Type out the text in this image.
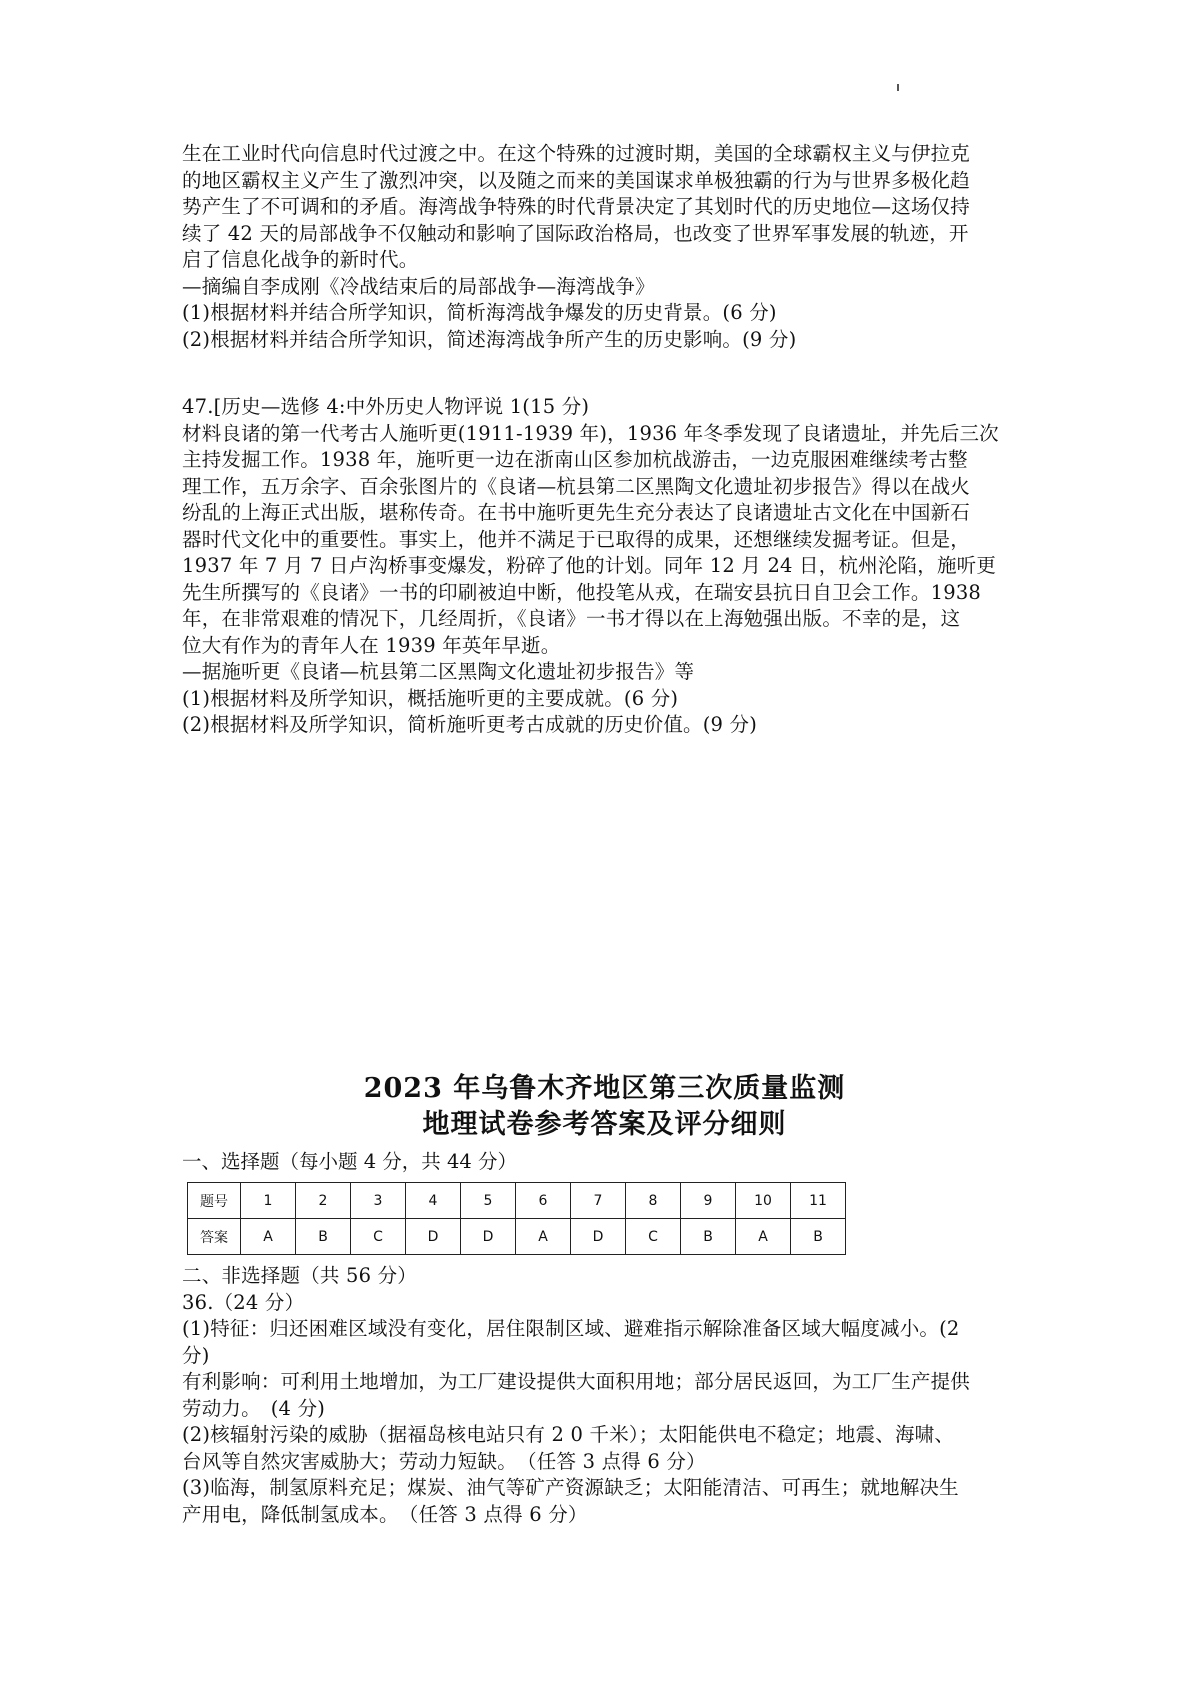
生在工业时代向信息时代过渡之中。在这个特殊的过渡时期，美国的全球霸权主义与伊拉克
的地区霸权主义产生了激烈冲突，以及随之而来的美国谋求单极独霸的行为与世界多极化趋
势产生了不可调和的矛盾。海湾战争特殊的时代背景决定了其划时代的历史地位—这场仅持
续了 42 天的局部战争不仅触动和影响了国际政治格局，也改变了世界军事发展的轨迹，开
启了信息化战争的新时代。
—摘编自李成刚《冷战结束后的局部战争—海湾战争》
(1)根据材料并结合所学知识，简析海湾战争爆发的历史背景。(6 分)
(2)根据材料并结合所学知识，简述海湾战争所产生的历史影响。(9 分)
47.[历史—选修 4:中外历史人物评说 1(15 分)
材料良诸的第一代考古人施听更(1911-1939 年)，1936 年冬季发现了良诸遗址，并先后三次
主持发掘工作。1938 年，施听更一边在浙南山区参加杭战游击，一边克服困难继续考古整
理工作，五万余字、百余张图片的《良诸—杭县第二区黑陶文化遗址初步报告》得以在战火
纷乱的上海正式出版，堪称传奇。在书中施听更先生充分表达了良诸遗址古文化在中国新石
器时代文化中的重要性。事实上，他并不满足于已取得的成果，还想继续发掘考证。但是，
1937 年 7 月 7 日卢沟桥事变爆发，粉碎了他的计划。同年 12 月 24 日，杭州沦陷，施听更
先生所撰写的《良诸》一书的印刷被迫中断，他投笔从戎，在瑞安县抗日自卫会工作。1938
年，在非常艰难的情况下，几经周折，《良诸》一书才得以在上海勉强出版。不幸的是，这
位大有作为的青年人在 1939 年英年早逝。
—据施听更《良诸—杭县第二区黑陶文化遗址初步报告》等
(1)根据材料及所学知识，概括施听更的主要成就。(6 分)
(2)根据材料及所学知识，简析施听更考古成就的历史价值。(9 分)
2023 年乌鲁木齐地区第三次质量监测
地理试卷参考答案及评分细则
一、选择题（每小题 4 分，共 44 分）
题号	1	2	3	4	5	6	7	8	9	10	11
答案	A	B	C	D	D	A	D	C	B	A	B
二、非选择题（共 56 分）
36.（24 分）
(1)特征：归还困难区域没有变化，居住限制区域、避难指示解除准备区域大幅度减小。(2
分)
有利影响：可利用土地增加，为工厂建设提供大面积用地；部分居民返回，为工厂生产提供
劳动力。　(4 分)
(2)核辐射污染的威胁（据福岛核电站只有 2 0 千米）；太阳能供电不稳定；地震、海啸、
台风等自然灾害威胁大；劳动力短缺。　（任答 3 点得 6 分）
(3)临海，制氢原料充足；煤炭、油气等矿产资源缺乏；太阳能清洁、可再生；就地解决生
产用电，降低制氢成本。　（任答 3 点得 6 分）
